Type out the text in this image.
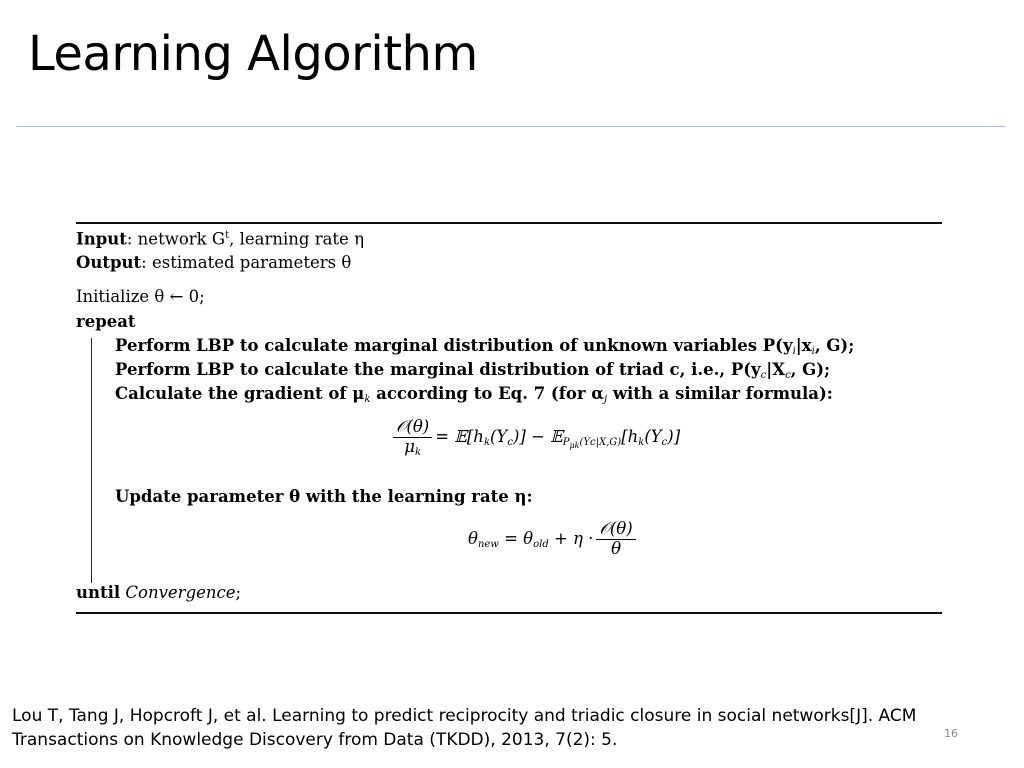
Learning Algorithm
Input: network $G^t$, learning rate η
Output: estimated parameters θ
Initialize θ ← 0;
repeat
Perform LBP to calculate marginal distribution of unknown variables $P(y_i|x_i$, G);
Perform LBP to calculate the marginal distribution of triad c, i.e., $P(y_c|X_c$, G);
Calculate the gradient of $\mu_k$ according to Eq. 7 (for $\alpha_j$ with a similar formula):
$\frac{\text{𝒪(θ)}}{\mu_k}$ = $𝔼[h_k(Y_c)]$ − $𝔼_{P_{\mu k}(Yc|X,G)}[h_k(Y_c)]$
Update parameter θ with the learning rate η:
$\theta_{new} = \theta_{old} + \eta \cdot \frac{\text{𝒪(θ)}}{\theta}$
until Convergence;

Lou T, Tang J, Hopcroft J, et al. Learning to predict reciprocity and triadic closure in social networks[J]. ACM Transactions on Knowledge Discovery from Data (TKDD), 2013, 7(2): 5.	16
